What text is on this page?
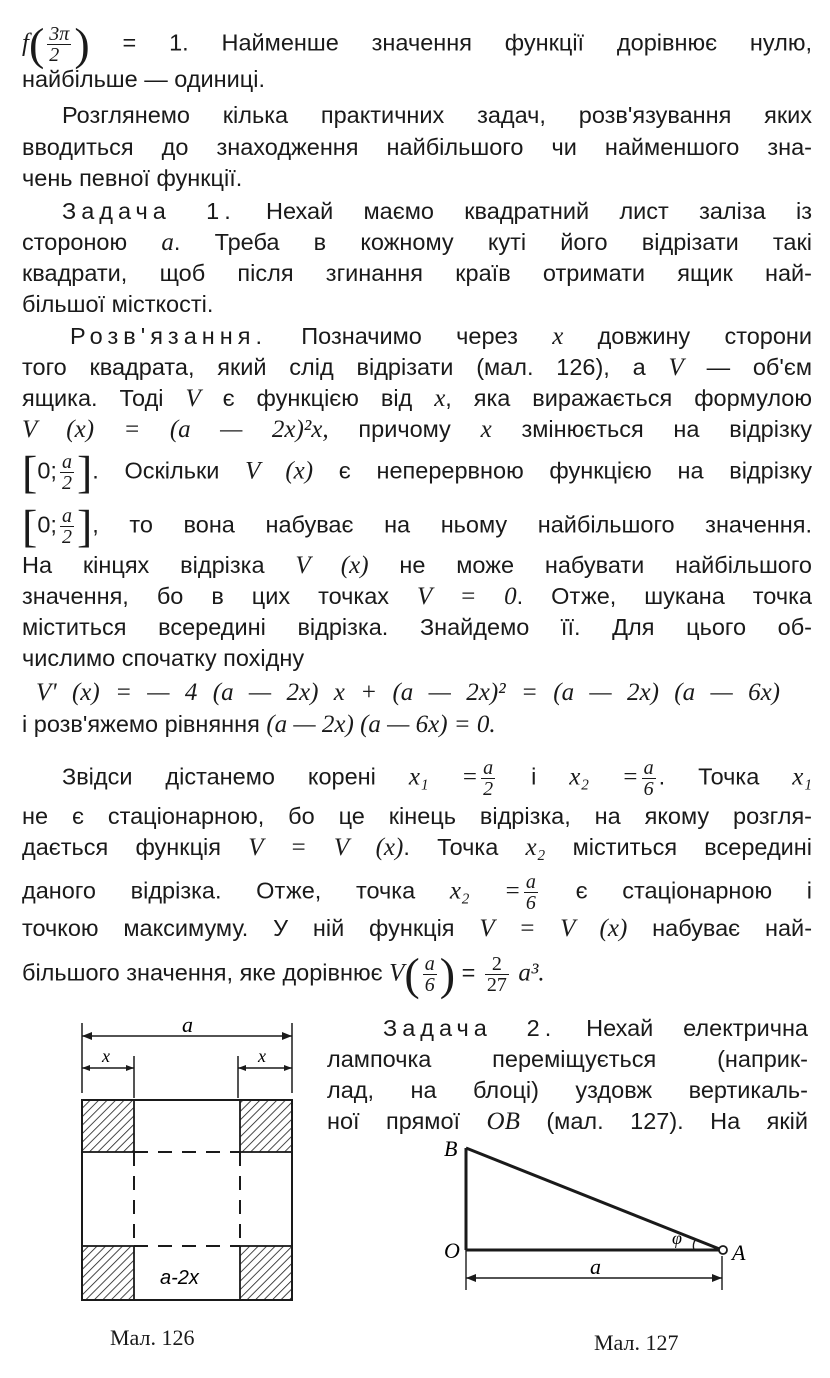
$f( \frac{3\pi}{2}$ ) = 1. Найменше значення функції дорівнює нулю,
найбільше — одиниці.
Розглянемо кілька практичних задач, розв'язування яких
вводиться до знаходження найбільшого чи найменшого зна-
чень певної функції.
Задача 1. Нехай маємо квадратний лист заліза із
стороною a. Треба в кожному куті його відрізати такі
квадрати, щоб після згинання країв отримати ящик най-
більшої місткості.
Розв'язання. Позначимо через x довжину сторони
того квадрата, який слід відрізати (мал. 126), а V — об'єм
ящика. Тоді V є функцією від x, яка виражається формулою
V (x) = (a — 2x)²x, причому x змінюється на відрізку
[0; $\frac{a}{2}$ ]. Оскільки V (x) є неперервною функцією на відрізку
[0; $\frac{a}{2}$ ], то вона набуває на ньому найбільшого значення.
На кінцях відрізка V (x) не може набувати найбільшого
значення, бо в цих точках V = 0. Отже, шукана точка
міститься всередині відрізка. Знайдемо її. Для цього об-
числимо спочатку похідну
V' (x) = — 4 (a — 2x) x + (a — 2x)² = (a — 2x) (a — 6x)
і розв'яжемо рівняння (a — 2x) (a — 6x) = 0.
Звідси дістанемо корені $x_1 = \frac{a}{2}$ і $x_2 = \frac{a}{6}$ . Точка x₁
не є стаціонарною, бо це кінець відрізка, на якому розгля-
дається функція V = V (x). Точка x₂ міститься всередині
даного відрізка. Отже, точка $x_2 = \frac{a}{6}$ є стаціонарною і
точкою максимуму. У ній функція V = V (x) набуває най-
більшого значення, яке дорівнює $V( \frac{a}{6}$ ) = $\frac{2}{27} a^3$.
Задача 2. Нехай електрична
лампочка переміщується (наприк-
лад, на блоці) уздовж вертикаль-
ної прямої OB (мал. 127). На якій
a
x	x
a-2x
Мал. 126
B
O	A
φ
a
Мал. 127
